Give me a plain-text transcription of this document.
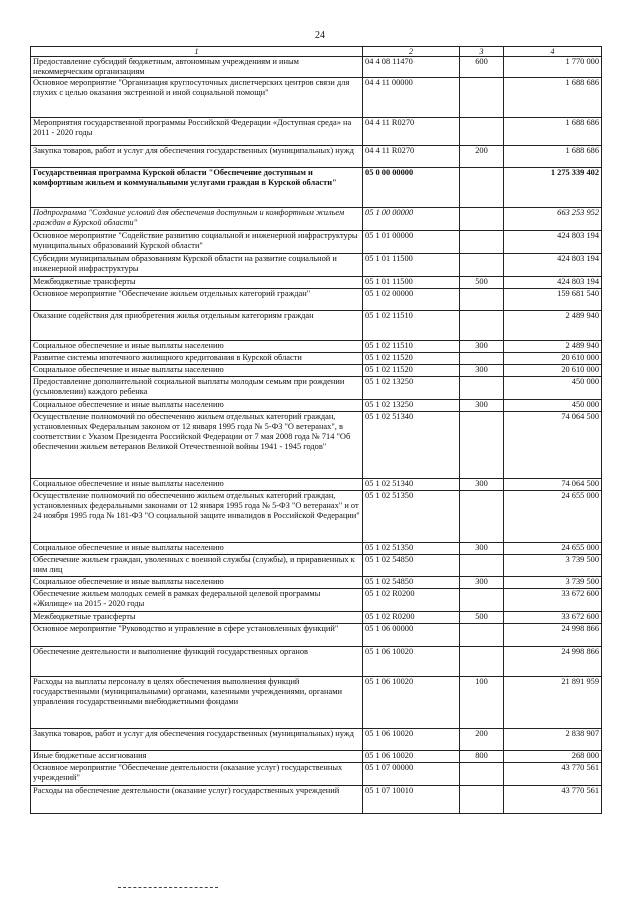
24
1	2	3	4
Предоставление субсидий бюджетным, автономным учреждениям и иным некоммерческим организациям	04 4 08 11470	600	1 770 000
Основное мероприятие "Организация круглосуточных диспетчерских центров связи для глухих с целью оказания экстренной и иной социальной помощи"	04 4 11 00000		1 688 686
Мероприятия государственной программы Российской Федерации «Доступная среда» на 2011 - 2020 годы	04 4 11 R0270		1 688 686
Закупка товаров, работ и услуг для обеспечения государственных (муниципальных) нужд	04 4 11 R0270	200	1 688 686
Государственная программа Курской области "Обеспечение доступным и комфортным жильем и коммунальными услугами граждан в Курской области"	05 0 00 00000		1 275 339 402
Подпрограмма "Создание условий для обеспечения доступным и комфортным жильем граждан в Курской области"	05 1 00 00000		663 253 952
Основное мероприятие "Содействие развитию социальной и инженерной инфраструктуры муниципальных образований Курской области"	05 1 01 00000		424 803 194
Субсидии муниципальным образованиям Курской области на развитие социальной и инженерной инфраструктуры	05 1 01 11500		424 803 194
Межбюджетные трансферты	05 1 01 11500	500	424 803 194
Основное мероприятие "Обеспечение жильем отдельных категорий граждан"	05 1 02 00000		159 681 540
Оказание содействия для приобретения жилья отдельным категориям граждан	05 1 02 11510		2 489 940
Социальное обеспечение и иные выплаты населению	05 1 02 11510	300	2 489 940
Развитие системы ипотечного жилищного кредитования в Курской области	05 1 02 11520		20 610 000
Социальное обеспечение и иные выплаты населению	05 1 02 11520	300	20 610 000
Предоставление дополнительной социальной выплаты молодым семьям при рождении (усыновлении) каждого ребенка	05 1 02 13250		450 000
Социальное обеспечение и иные выплаты населению	05 1 02 13250	300	450 000
Осуществление полномочий по обеспечению жильем отдельных категорий граждан, установленных Федеральным законом от 12 января 1995 года № 5-ФЗ "О ветеранах", в соответствии с Указом Президента Российской Федерации от 7 мая 2008 года № 714 "Об обеспечении жильем ветеранов Великой Отечественной войны 1941 - 1945 годов"	05 1 02 51340		74 064 500
Социальное обеспечение и иные выплаты населению	05 1 02 51340	300	74 064 500
Осуществление полномочий по обеспечению жильем отдельных категорий граждан, установленных федеральными законами от 12 января 1995 года № 5-ФЗ "О ветеранах" и от 24 ноября 1995 года № 181-ФЗ "О социальной защите инвалидов в Российской Федерации"	05 1 02 51350		24 655 000
Социальное обеспечение и иные выплаты населению	05 1 02 51350	300	24 655 000
Обеспечение жильем граждан, уволенных с военной службы (службы), и приравненных к ним лиц	05 1 02 54850		3 739 500
Социальное обеспечение и иные выплаты населению	05 1 02 54850	300	3 739 500
Обеспечение жильем молодых семей в рамках федеральной целевой программы «Жилище» на 2015 - 2020 годы	05 1 02 R0200		33 672 600
Межбюджетные трансферты	05 1 02 R0200	500	33 672 600
Основное мероприятие "Руководство и управление в сфере установленных функций"	05 1 06 00000		24 998 866
Обеспечение деятельности и выполнение функций государственных органов	05 1 06 10020		24 998 866
Расходы на выплаты персоналу в целях обеспечения выполнения функций государственными (муниципальными) органами, казенными учреждениями, органами управления государственными внебюджетными фондами	05 1 06 10020	100	21 891 959
Закупка товаров, работ и услуг для обеспечения государственных (муниципальных) нужд	05 1 06 10020	200	2 838 907
Иные бюджетные ассигнования	05 1 06 10020	800	268 000
Основное мероприятие "Обеспечение деятельности (оказание услуг) государственных учреждений"	05 1 07 00000		43 770 561
Расходы на обеспечение деятельности (оказание услуг) государственных учреждений	05 1 07 10010		43 770 561
